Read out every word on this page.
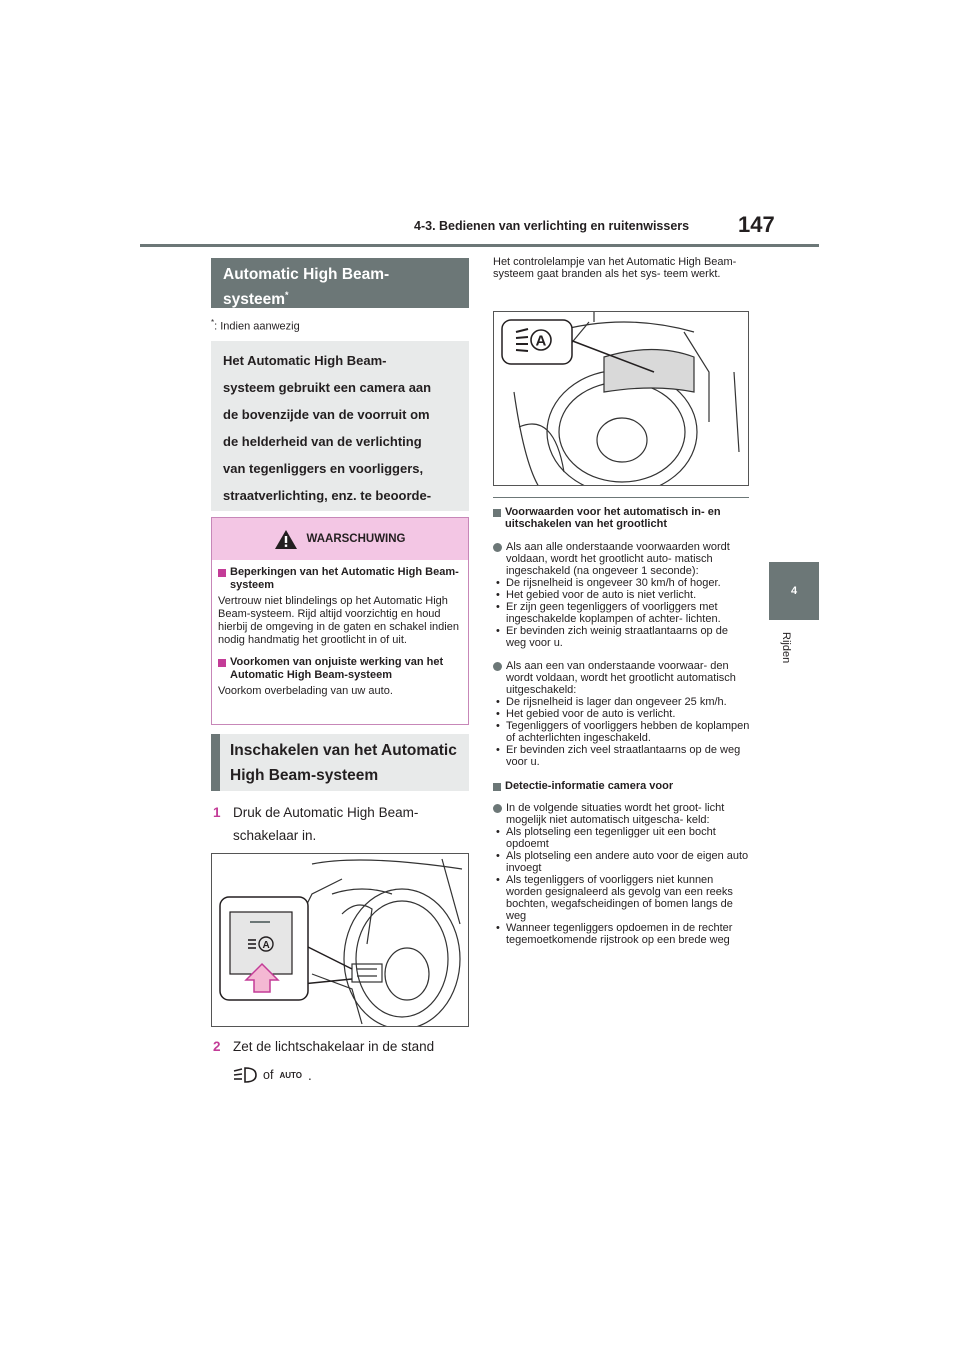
4-3. Bedienen van verlichting en ruitenwissers 147
4
Rijden
Automatic High Beam-
systeem*
*: Indien aanwezig
Het Automatic High Beam-
systeem gebruikt een camera aan
de bovenzijde van de voorruit om
de helderheid van de verlichting
van tegenliggers en voorliggers,
straatverlichting, enz. te beoorde-
WAARSCHUWING
Beperkingen van het Automatic High Beam-systeem

Vertrouw niet blindelings op het Automatic High Beam-systeem. Rijd altijd voorzichtig en houd hierbij de omgeving in de gaten en schakel indien nodig handmatig het grootlicht in of uit.

Voorkomen van onjuiste werking van het Automatic High Beam-systeem

Voorkom overbelading van uw auto.

Inschakelen van het Automatic
High Beam-systeem
1 Druk de Automatic High Beam-
schakelaar in.
A
2 Zet de lichtschakelaar in de stand
of AUTO .
Het controlelampje van het Automatic High Beam-systeem gaat branden als het sys- teem werkt.
A
Voorwaarden voor het automatisch in- en uitschakelen van het grootlicht
Als aan alle onderstaande voorwaarden wordt voldaan, wordt het grootlicht auto- matisch ingeschakeld (na ongeveer 1 seconde):
• De rijsnelheid is ongeveer 30 km/h of hoger.
• Het gebied voor de auto is niet verlicht.
• Er zijn geen tegenliggers of voorliggers met ingeschakelde koplampen of achter- lichten.
• Er bevinden zich weinig straatlantaarns op de weg voor u.
Als aan een van onderstaande voorwaar- den wordt voldaan, wordt het grootlicht automatisch uitgeschakeld:
• De rijsnelheid is lager dan ongeveer 25 km/h.
• Het gebied voor de auto is verlicht.
• Tegenliggers of voorliggers hebben de koplampen of achterlichten ingeschakeld.
• Er bevinden zich veel straatlantaarns op de weg voor u.
Detectie-informatie camera voor
In de volgende situaties wordt het groot- licht mogelijk niet automatisch uitgescha- keld:
• Als plotseling een tegenligger uit een bocht opdoemt
• Als plotseling een andere auto voor de eigen auto invoegt
• Als tegenliggers of voorliggers niet kunnen worden gesignaleerd als gevolg van een reeks bochten, wegafscheidingen of bomen langs de weg
• Wanneer tegenliggers opdoemen in de rechter tegemoetkomende rijstrook op een brede weg
